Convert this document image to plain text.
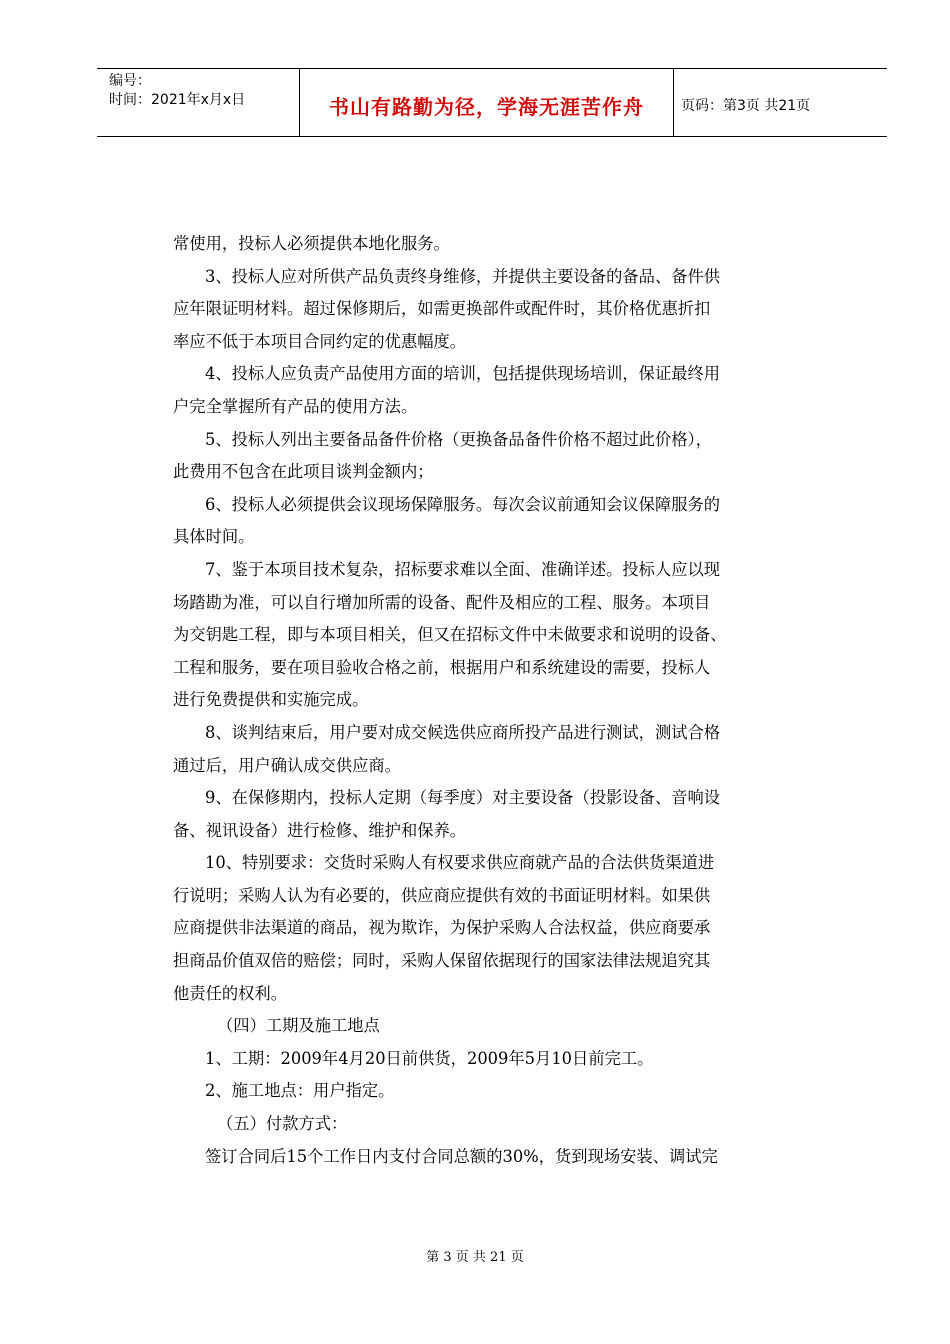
编号：
时间：2021年x月x日	书山有路勤为径，学海无涯苦作舟	页码：第3页 共21页

常使用，投标人必须提供本地化服务。

3、投标人应对所供产品负责终身维修，并提供主要设备的备品、备件供

应年限证明材料。超过保修期后，如需更换部件或配件时，其价格优惠折扣

率应不低于本项目合同约定的优惠幅度。

4、投标人应负责产品使用方面的培训，包括提供现场培训，保证最终用

户完全掌握所有产品的使用方法。

5、投标人列出主要备品备件价格（更换备品备件价格不超过此价格），

此费用不包含在此项目谈判金额内；

6、投标人必须提供会议现场保障服务。每次会议前通知会议保障服务的

具体时间。

7、鉴于本项目技术复杂，招标要求难以全面、准确详述。投标人应以现

场踏勘为准，可以自行增加所需的设备、配件及相应的工程、服务。本项目

为交钥匙工程，即与本项目相关，但又在招标文件中未做要求和说明的设备、

工程和服务，要在项目验收合格之前，根据用户和系统建设的需要，投标人

进行免费提供和实施完成。

8、谈判结束后，用户要对成交候选供应商所投产品进行测试，测试合格

通过后，用户确认成交供应商。

9、在保修期内，投标人定期（每季度）对主要设备（投影设备、音响设

备、视讯设备）进行检修、维护和保养。

10、特别要求：交货时采购人有权要求供应商就产品的合法供货渠道进

行说明；采购人认为有必要的，供应商应提供有效的书面证明材料。如果供

应商提供非法渠道的商品，视为欺诈，为保护采购人合法权益，供应商要承

担商品价值双倍的赔偿；同时，采购人保留依据现行的国家法律法规追究其

他责任的权利。

（四）工期及施工地点

1、工期：2009年4月20日前供货，2009年5月10日前完工。

2、施工地点：用户指定。

（五）付款方式：

签订合同后15个工作日内支付合同总额的30%，货到现场安装、调试完

第 3 页 共 21 页
